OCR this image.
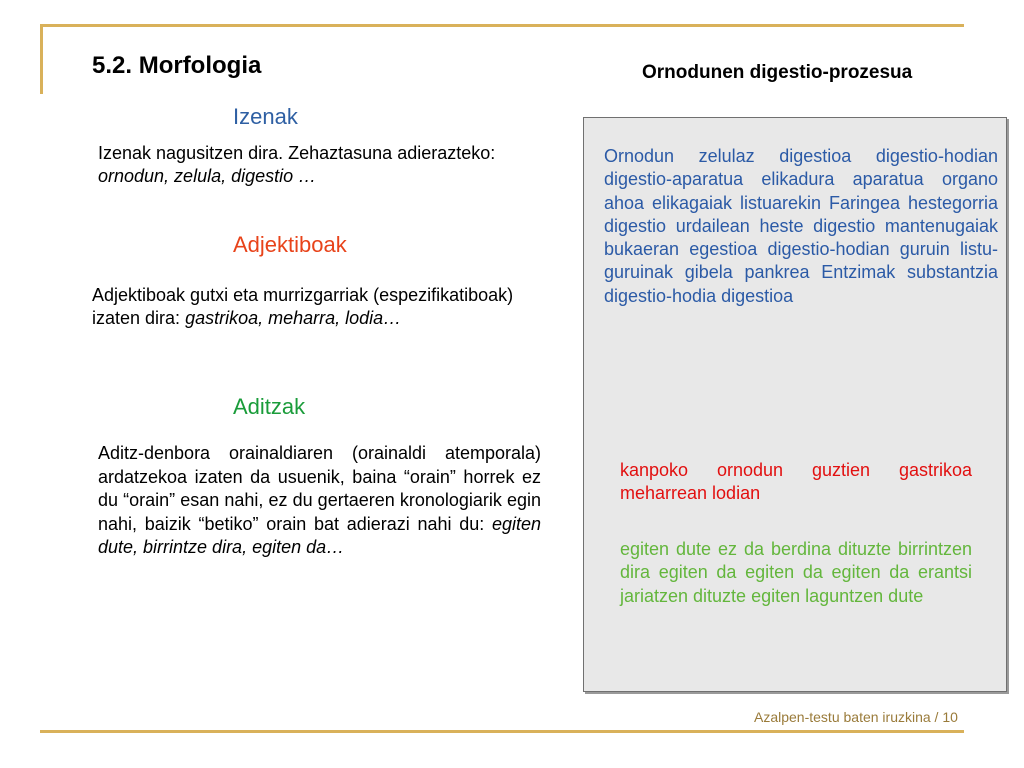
5.2. Morfologia	Ornodunen digestio-prozesua
Izenak
Izenak nagusitzen dira. Zehaztasuna adierazteko: ornodun, zelula, digestio …
Adjektiboak
Adjektiboak gutxi eta murrizgarriak (espezifikatiboak) izaten dira: gastrikoa, meharra, lodia…
Aditzak
Aditz-denbora orainaldiaren (orainaldi atemporala) ardatzekoa izaten da usuenik, baina “orain” horrek ez du “orain” esan nahi, ez du gertaeren kronologiarik egin nahi, baizik “betiko” orain bat adierazi nahi du: egiten dute, birrintze dira, egiten da…
Ornodun zelulaz digestioa digestio-hodian digestio-aparatua elikadura aparatua organo ahoa elikagaiak listuarekin Faringea hestegorria digestio urdailean heste digestio mantenugaiak bukaeran egestioa digestio-hodian guruin listu-guruinak gibela pankrea Entzimak substantzia digestio-hodia digestioa
kanpoko ornodun guztien gastrikoa meharrean lodian
egiten dute ez da berdina dituzte birrintzen dira egiten da egiten da egiten da erantsi jariatzen dituzte egiten laguntzen dute
Azalpen-testu baten iruzkina / 10
